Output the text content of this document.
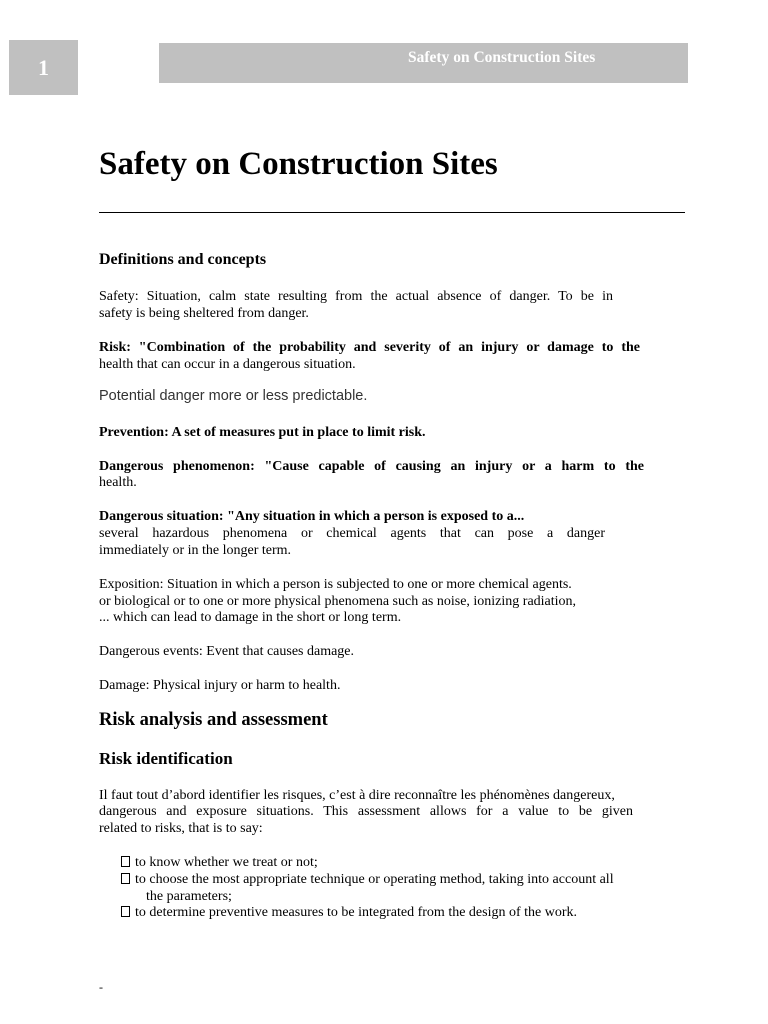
1	Safety on Construction Sites
Safety on Construction Sites
Definitions and concepts

Safety: Situation, calm state resulting from the actual absence of danger. To be in

safety is being sheltered from danger.

Risk: "Combination of the probability and severity of an injury or damage to the

health that can occur in a dangerous situation.

Potential danger more or less predictable.

Prevention: A set of measures put in place to limit risk.

Dangerous phenomenon: "Cause capable of causing an injury or a harm to the

health.

Dangerous situation: "Any situation in which a person is exposed to a...

several hazardous phenomena or chemical agents that can pose a danger

immediately or in the longer term.

Exposition: Situation in which a person is subjected to one or more chemical agents.

or biological or to one or more physical phenomena such as noise, ionizing radiation,

... which can lead to damage in the short or long term.

Dangerous events: Event that causes damage.

Damage: Physical injury or harm to health.

Risk analysis and assessment
Risk identification

Il faut tout d’abord identifier les risques, c’est à dire reconnaître les phénomènes dangereux,

dangerous and exposure situations. This assessment allows for a value to be given

related to risks, that is to say:

to know whether we treat or not;

to choose the most appropriate technique or operating method, taking into account all

the parameters;

to determine preventive measures to be integrated from the design of the work.

-
